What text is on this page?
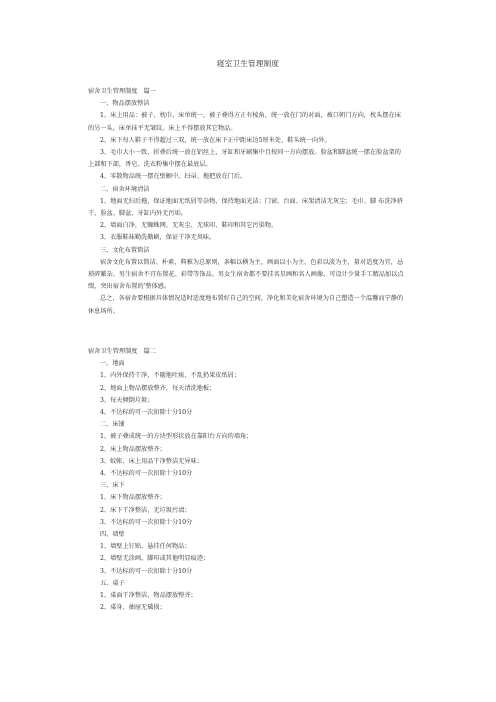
寝室卫生管理制度

宿舍卫生管理制度　篇一

一、物品摆放整洁

1、床上用品：被子、枕巾、床单统一，被子叠得方正有棱角，统一放在门的对面，被口朝门方向，枕头摆在床的另一头，床单抹平无皱纹。床上不得摆放其它物品。

2、床下每人鞋子不得超过三双，统一放在床下正中距床边5厘米处，鞋头统一向外。

3、毛巾大小一致，折叠后统一放在铝丝上，牙缸和牙刷集中且按同一方向摆放。脸盆和脚盆统一摆在脸盆架的上部和下部，香皂、洗衣粉集中摆在最底层。

4、零散物品统一摆在壁橱中，扫帚、拖把放在门后。

二、宿舍环境清洁

1、地面无扫后拖，保证地面无纸屑等杂物，保持地面光洁；门窗、台面、床架清洁无灰尘；毛巾、脚 布洗净挤干，脸盆、脚盆、牙缸内外无污垢。

2、墙面白净，无蜘蛛网、无灰尘、无球印、鞋印和其它污染物。

3、衣服鞋袜勤洗勤刷，保证干净无臭味。

三、文化布置简洁

宿舍文化布置以简洁、朴素、典雅为总原则，条幅以横为主，画面以小为主，色彩以淡为主，量对适度为宜，忌琐碎繁杂。男生宿舍不宜布置花、彩带等饰品。男女生宿舍都不要挂名星画和名人画像。可设计少量手工精品加以点缀，突出宿舍布置的'整体感。

总之，各宿舍要根据具体情况适时适度地布置好自己的空间，净化和美化宿舍环境为自己塑造一个温馨而宁静的休息场所。

宿舍卫生管理制度　篇二

一、地面

1、内外保持干净，不随地吐痰、不乱扔果皮纸屑；

2、地面上物品摆放整齐，每天清洗地板；

3、每天倾倒垃圾；

4、不达标的可一次扣除十分10分

二、床铺

1、被子叠成统一的方块型形状放在靠阳台方向的墙角；

2、床上物品摆放整齐；

3、蚊帐、床上用品干净整洁无异味；

4、不达标的可一次扣除十分10分

三、床下

1、床下物品摆放整齐；

2、床下干净整洁，无垃圾污渍；

3、不达标的可一次扣除十分10分

四、墙壁

1、墙壁上钉贴、悬挂任何物品；

2、墙壁无涂画、脚印或其他明显痕迹；

3、不达标的可一次扣除十分10分

五、桌子

1、桌面干净整洁，物品摆放整齐；

2、桌身、抽屉无破损；
